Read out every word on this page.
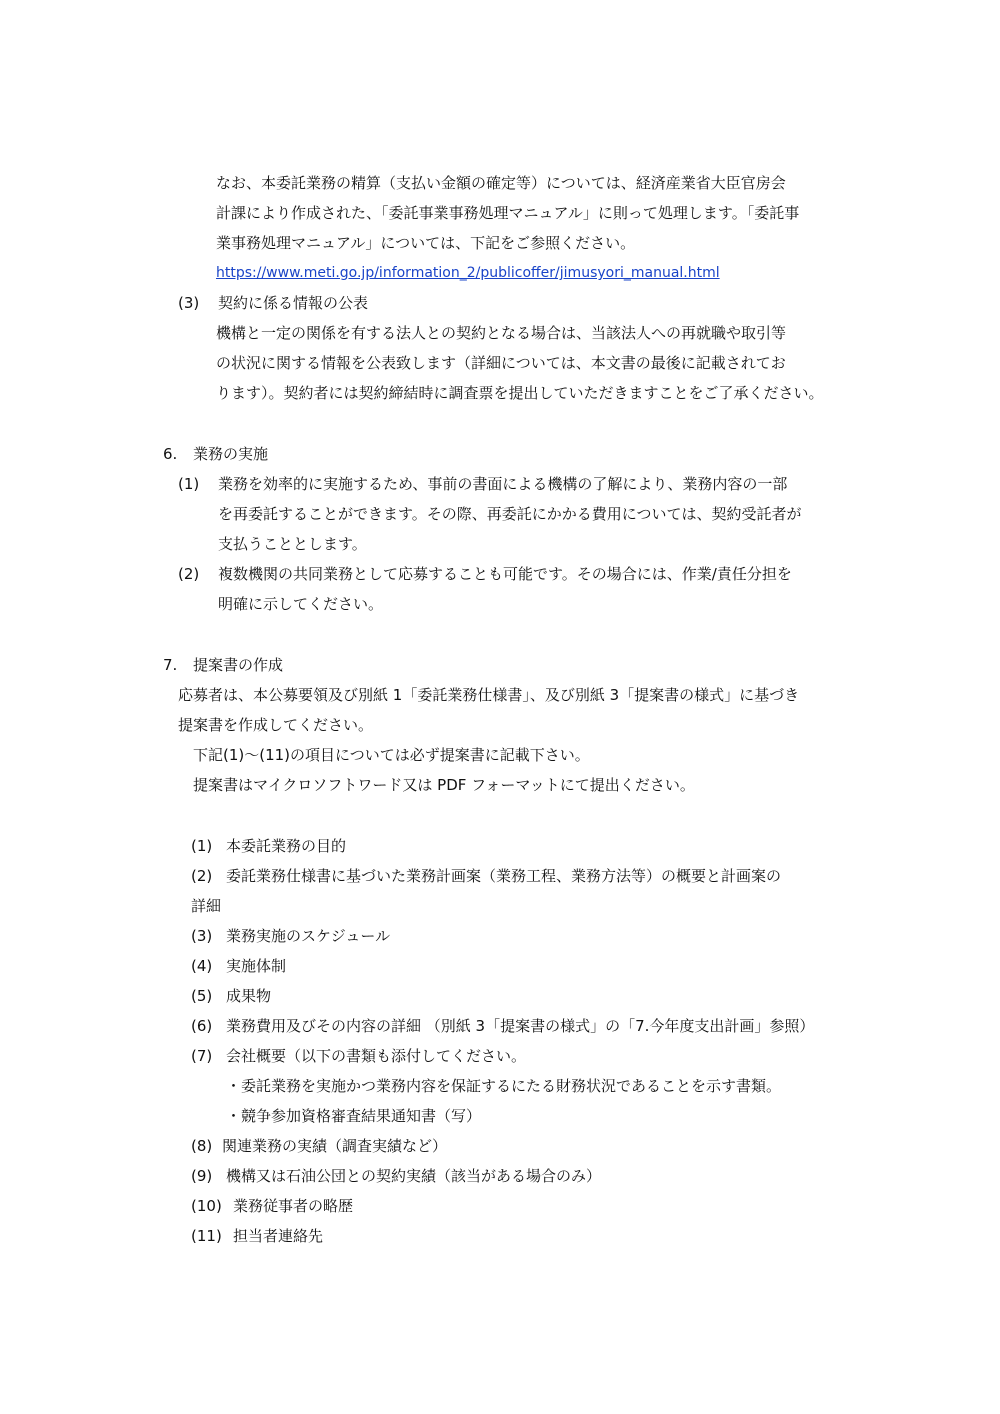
なお、本委託業務の精算（支払い金額の確定等）については、経済産業省大臣官房会
計課により作成された、「委託事業事務処理マニュアル」に則って処理します。「委託事
業事務処理マニュアル」については、下記をご参照ください。
https://www.meti.go.jp/information_2/publicoffer/jimusyori_manual.html
(3) 契約に係る情報の公表
機構と一定の関係を有する法人との契約となる場合は、当該法人への再就職や取引等
の状況に関する情報を公表致します（詳細については、本文書の最後に記載されてお
ります）。契約者には契約締結時に調査票を提出していただきますことをご了承ください。
6. 業務の実施
(1) 業務を効率的に実施するため、事前の書面による機構の了解により、業務内容の一部
を再委託することができます。その際、再委託にかかる費用については、契約受託者が
支払うこととします。
(2) 複数機関の共同業務として応募することも可能です。その場合には、作業/責任分担を
明確に示してください。
7. 提案書の作成
応募者は、本公募要領及び別紙 1「委託業務仕様書」、及び別紙 3「提案書の様式」に基づき
提案書を作成してください。
下記(1)～(11)の項目については必ず提案書に記載下さい。
提案書はマイクロソフトワード又は PDF フォーマットにて提出ください。
(1) 本委託業務の目的
(2) 委託業務仕様書に基づいた業務計画案（業務工程、業務方法等）の概要と計画案の
詳細
(3) 業務実施のスケジュール
(4) 実施体制
(5) 成果物
(6) 業務費用及びその内容の詳細 （別紙 3「提案書の様式」の「7.今年度支出計画」参照）
(7) 会社概要（以下の書類も添付してください。
・委託業務を実施かつ業務内容を保証するにたる財務状況であることを示す書類。
・競争参加資格審査結果通知書（写）
(8) 関連業務の実績（調査実績など）
(9) 機構又は石油公団との契約実績（該当がある場合のみ）
(10) 業務従事者の略歴
(11) 担当者連絡先
